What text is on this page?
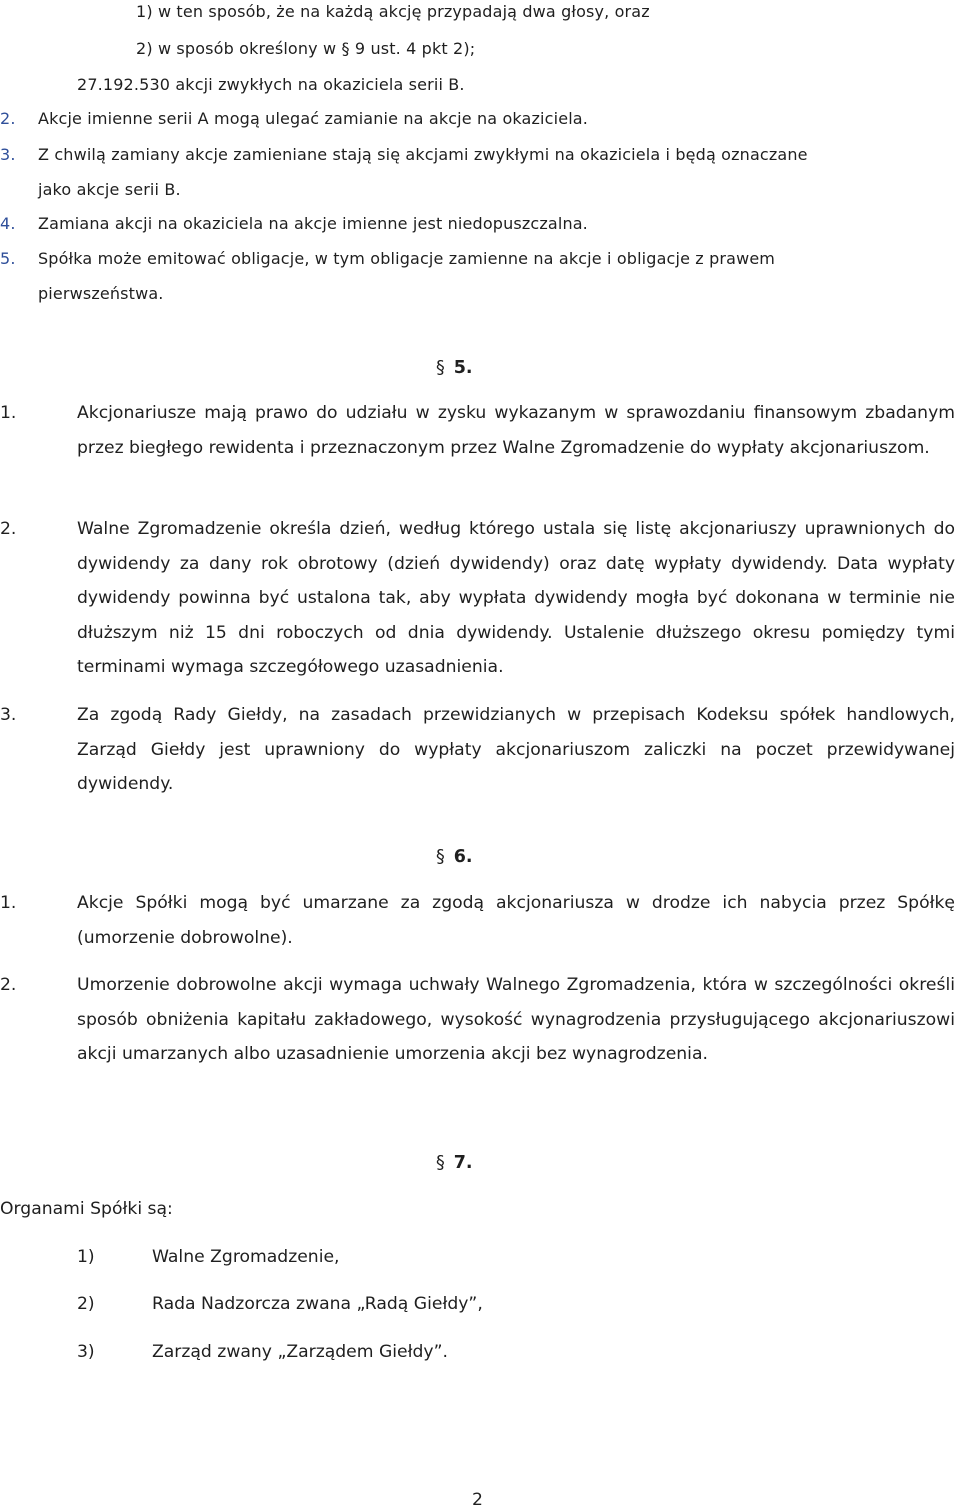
1) w ten sposób, że na każdą akcję przypadają dwa głosy, oraz
2) w sposób określony w § 9 ust. 4 pkt 2);
27.192.530 akcji zwykłych na okaziciela serii B.
2. Akcje imienne serii A mogą ulegać zamianie na akcje na okaziciela.
3. Z chwilą zamiany akcje zamieniane stają się akcjami zwykłymi na okaziciela i będą oznaczane
jako akcje serii B.
4. Zamiana akcji na okaziciela na akcje imienne jest niedopuszczalna.
5. Spółka może emitować obligacje, w tym obligacje zamienne na akcje i obligacje z prawem
pierwszeństwa.
§ 5.
1.	Akcjonariusze mają prawo do udziału w zysku wykazanym w sprawozdaniu finansowym zbadanym przez biegłego rewidenta i przeznaczonym przez Walne Zgromadzenie do wypłaty akcjonariuszom.
2.	Walne Zgromadzenie określa dzień, według którego ustala się listę akcjonariuszy uprawnionych do dywidendy za dany rok obrotowy (dzień dywidendy) oraz datę wypłaty dywidendy. Data wypłaty dywidendy powinna być ustalona tak, aby wypłata dywidendy mogła być dokonana w terminie nie dłuższym niż 15 dni roboczych od dnia dywidendy. Ustalenie dłuższego okresu pomiędzy tymi terminami wymaga szczegółowego uzasadnienia.
3.	Za zgodą Rady Giełdy, na zasadach przewidzianych w przepisach Kodeksu spółek handlowych, Zarząd Giełdy jest uprawniony do wypłaty akcjonariuszom zaliczki na poczet przewidywanej dywidendy.
§ 6.
1.	Akcje Spółki mogą być umarzane za zgodą akcjonariusza w drodze ich nabycia przez Spółkę (umorzenie dobrowolne).
2.	Umorzenie dobrowolne akcji wymaga uchwały Walnego Zgromadzenia, która w szczególności określi sposób obniżenia kapitału zakładowego, wysokość wynagrodzenia przysługującego akcjonariuszowi akcji umarzanych albo uzasadnienie umorzenia akcji bez wynagrodzenia.
§ 7.
Organami Spółki są:
1)	Walne Zgromadzenie,
2)	Rada Nadzorcza zwana „Radą Giełdy”,
3)	Zarząd zwany „Zarządem Giełdy”.
2
